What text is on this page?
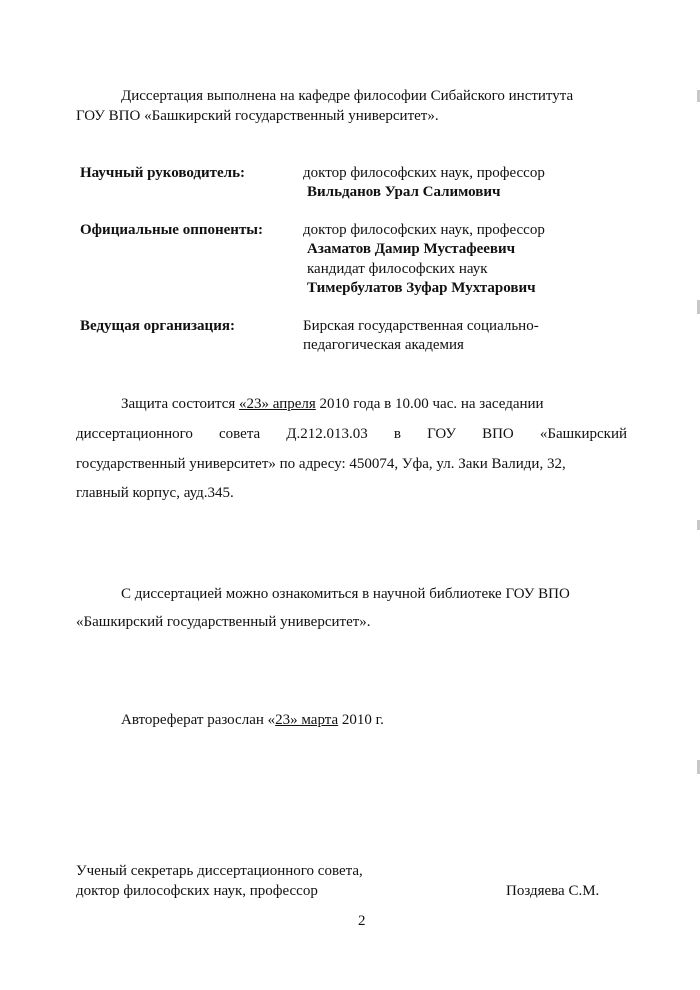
Диссертация выполнена на кафедре философии Сибайского института
ГОУ ВПО «Башкирский государственный университет».
Научный руководитель:	доктор философских наук, профессор
Вильданов Урал Салимович
Официальные оппоненты:	доктор философских наук, профессор
Азаматов Дамир Мустафеевич
кандидат философских наук
Тимербулатов Зуфар Мухтарович
Ведущая организация:	Бирская государственная социально-
педагогическая академия
Защита состоится «23» апреля 2010 года в 10.00 час. на заседании
диссертационного совета Д.212.013.03 в ГОУ ВПО «Башкирский
государственный университет» по адресу: 450074, Уфа, ул. Заки Валиди, 32,
главный корпус, ауд.345.
С диссертацией можно ознакомиться в научной библиотеке ГОУ ВПО
«Башкирский государственный университет».
Автореферат разослан «23» марта 2010 г.
Ученый секретарь диссертационного совета,
доктор философских наук, профессор	Поздяева С.М.
2
